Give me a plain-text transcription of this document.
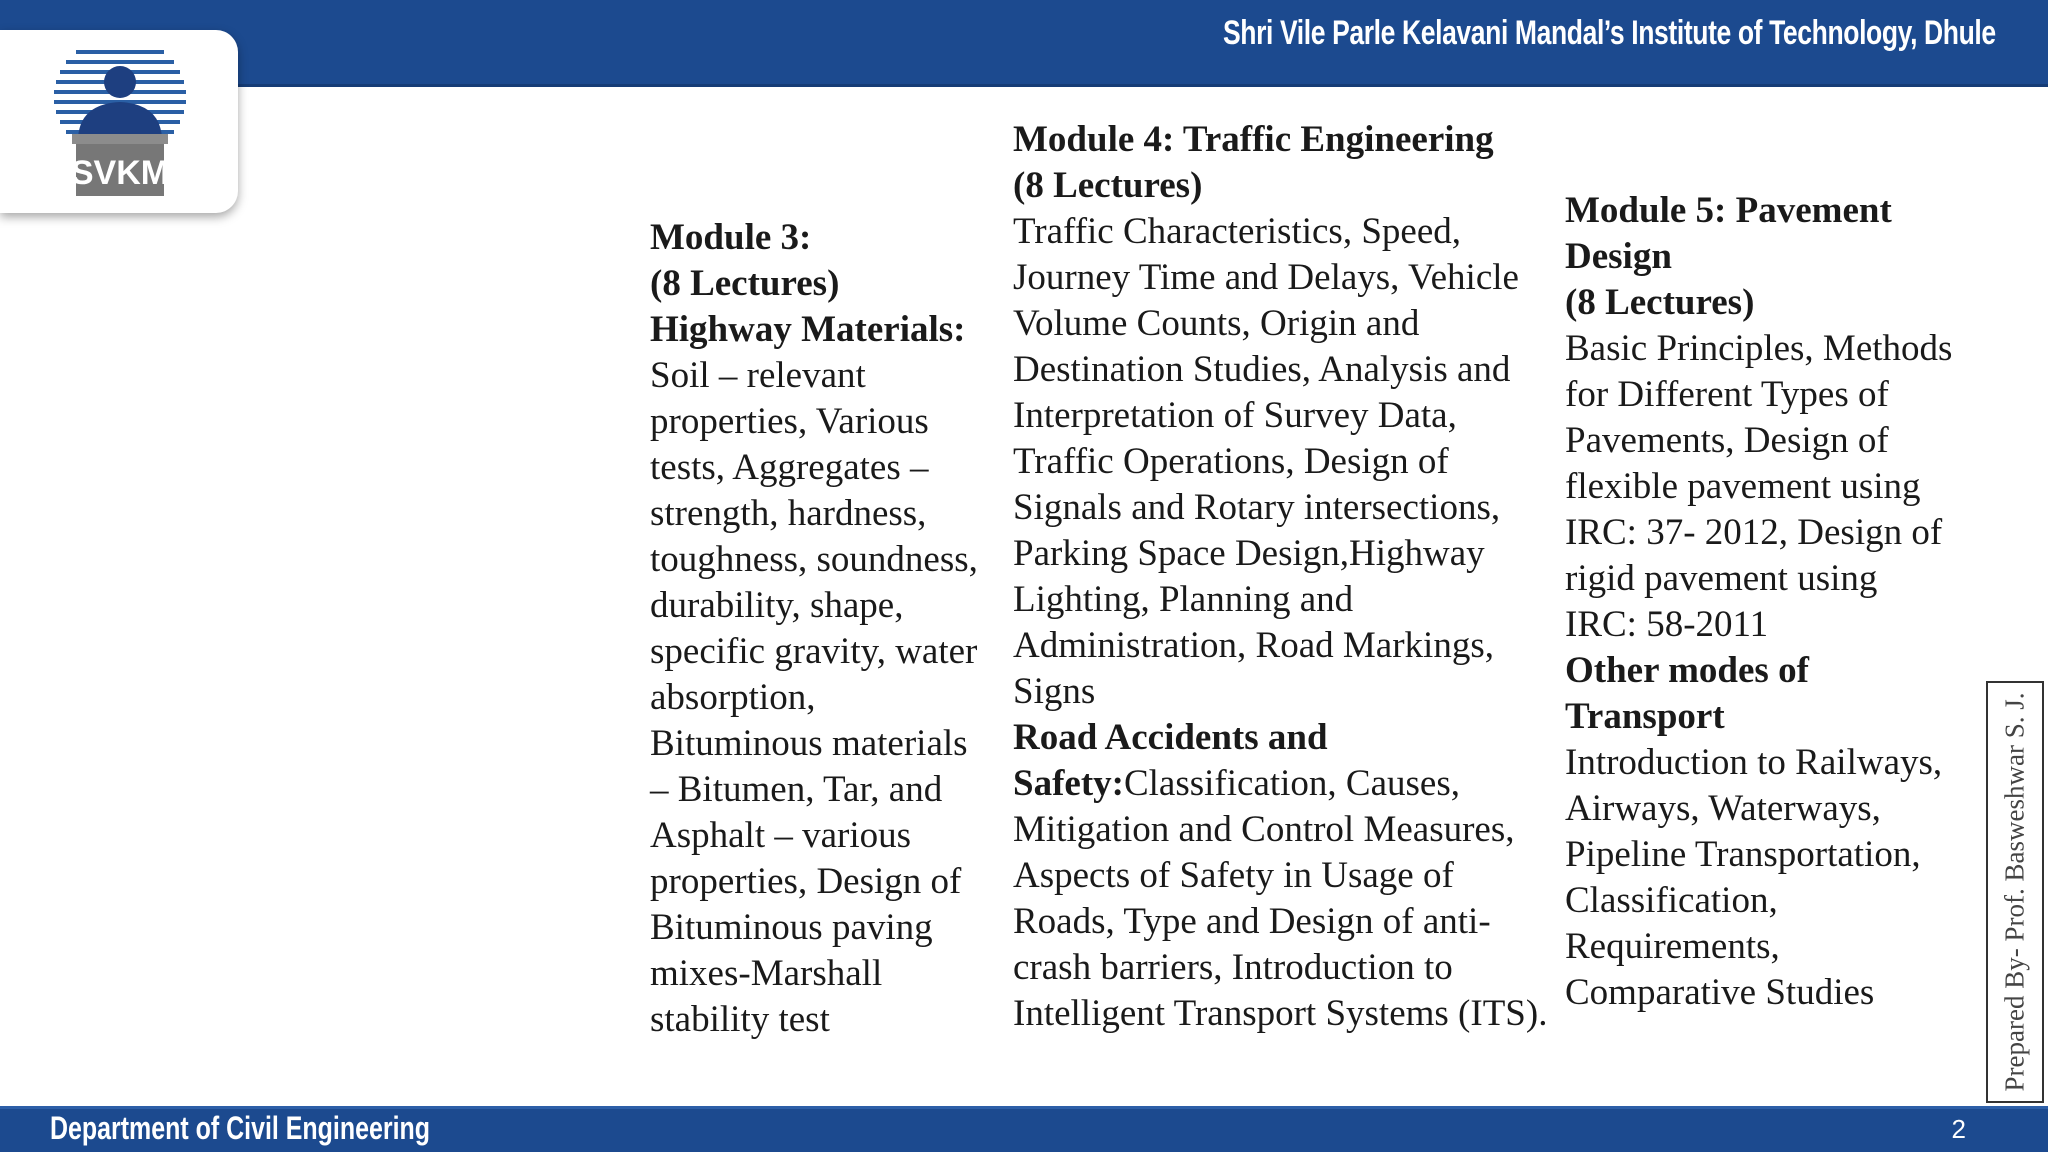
Shri Vile Parle Kelavani Mandal’s Institute of Technology, Dhule
SVKM
Module 3:
(8 Lectures)
Highway Materials:
Soil – relevant
properties, Various
tests, Aggregates –
strength, hardness,
toughness, soundness,
durability, shape,
specific gravity, water
absorption,
Bituminous materials
– Bitumen, Tar, and
Asphalt – various
properties, Design of
Bituminous paving
mixes-Marshall
stability test
Module 4: Traffic Engineering
(8 Lectures)
Traffic Characteristics, Speed,
Journey Time and Delays, Vehicle
Volume Counts, Origin and
Destination Studies, Analysis and
Interpretation of Survey Data,
Traffic Operations, Design of
Signals and Rotary intersections,
Parking Space Design,Highway
Lighting, Planning and
Administration, Road Markings,
Signs
Road Accidents and
Safety:Classification, Causes,
Mitigation and Control Measures,
Aspects of Safety in Usage of
Roads, Type and Design of anti-
crash barriers, Introduction to
Intelligent Transport Systems (ITS).
Module 5: Pavement
Design
(8 Lectures)
Basic Principles, Methods
for Different Types of
Pavements, Design of
flexible pavement using
IRC: 37- 2012, Design of
rigid pavement using
IRC: 58-2011
Other modes of
Transport
Introduction to Railways,
Airways, Waterways,
Pipeline Transportation,
Classification,
Requirements,
Comparative Studies	Prepared By- Prof. Basweshwar S. J.
Department of Civil Engineering	2
